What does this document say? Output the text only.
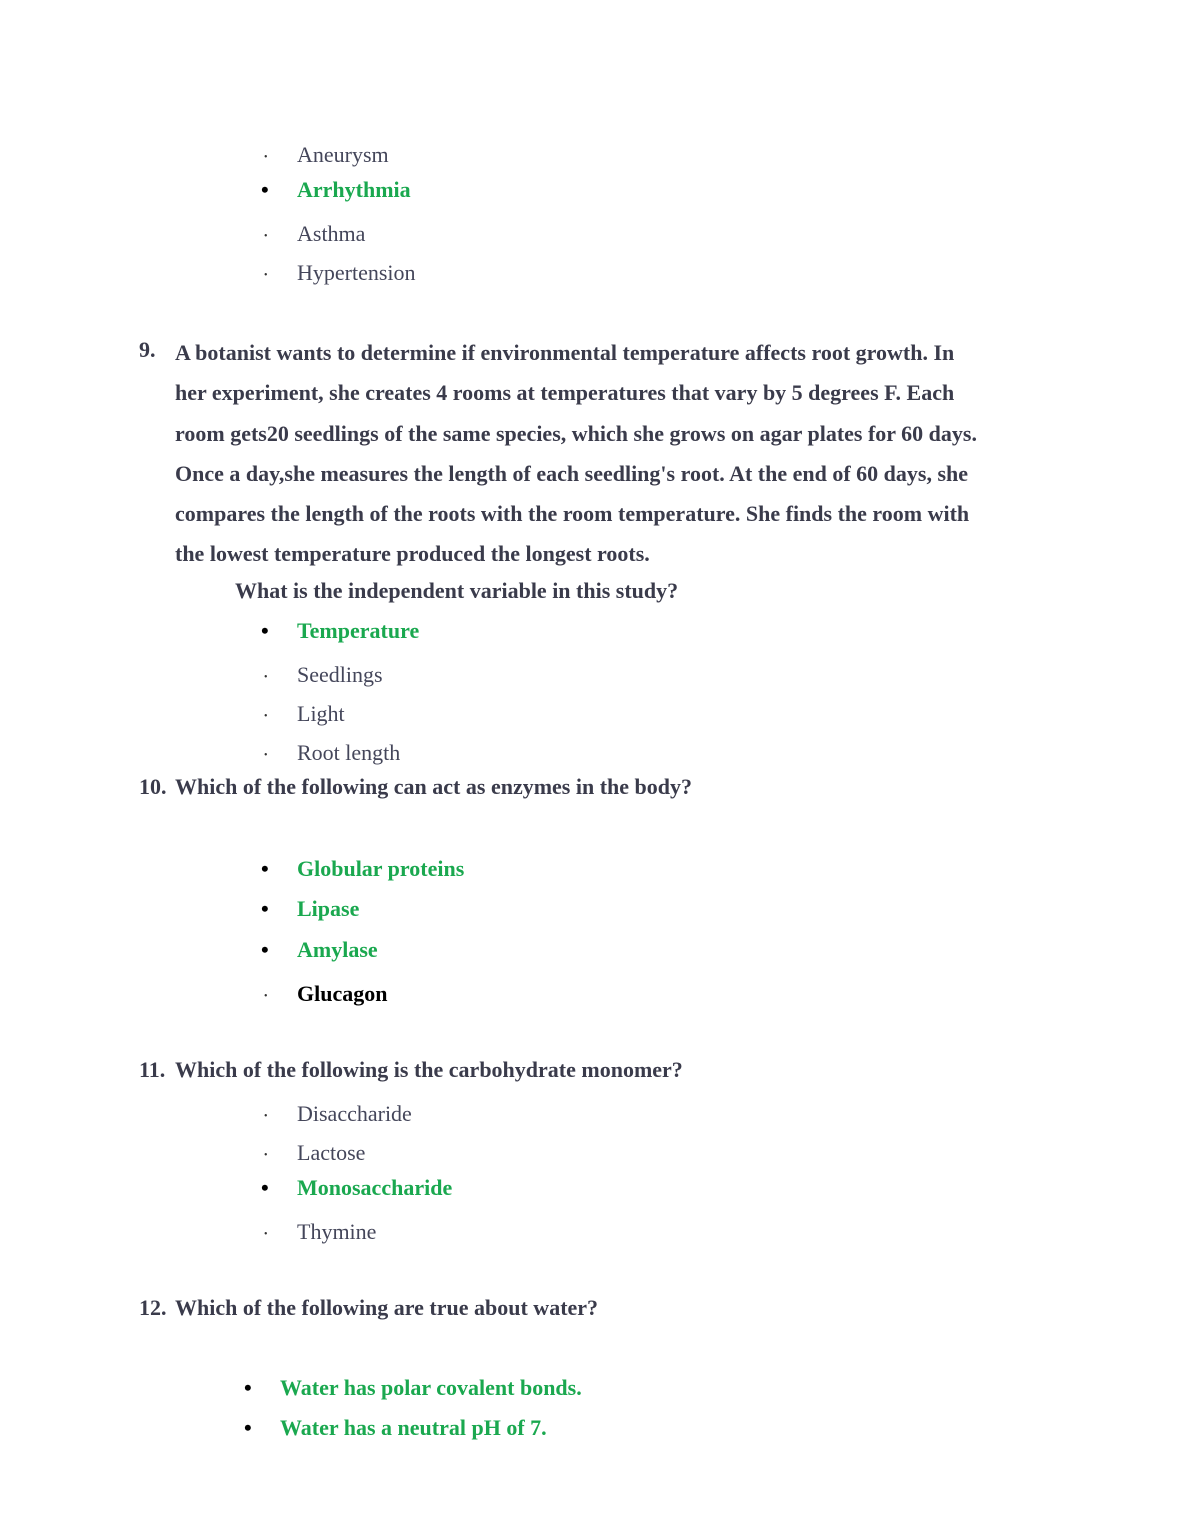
• Aneurysm
• Arrhythmia
• Asthma
• Hypertension
9. A botanist wants to determine if environmental temperature affects root growth. In
her experiment, she creates 4 rooms at temperatures that vary by 5 degrees F. Each
room gets20 seedlings of the same species, which she grows on agar plates for 60 days.
Once a day,she measures the length of each seedling's root. At the end of 60 days, she
compares the length of the roots with the room temperature. She finds the room with
the lowest temperature produced the longest roots.
What is the independent variable in this study?
• Temperature
• Seedlings
• Light
• Root length
10. Which of the following can act as enzymes in the body?
• Globular proteins
• Lipase
• Amylase
• Glucagon
11. Which of the following is the carbohydrate monomer?
• Disaccharide
• Lactose
• Monosaccharide
• Thymine
12. Which of the following are true about water?
• Water has polar covalent bonds.
• Water has a neutral pH of 7.
